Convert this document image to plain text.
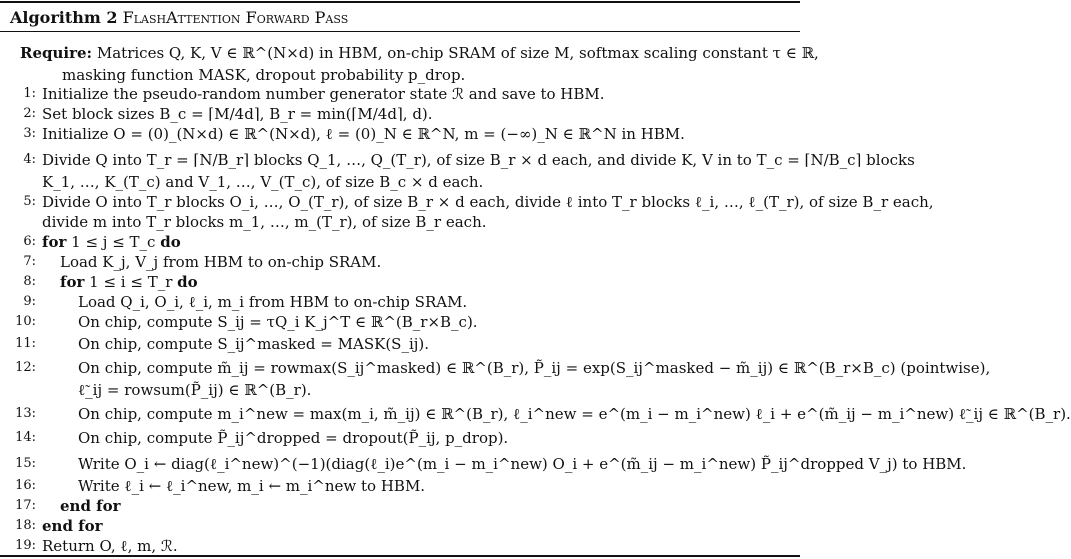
Algorithm 2 FlashAttention Forward Pass
Require: Matrices Q, K, V ∈ ℝ^(N×d) in HBM, on-chip SRAM of size M, softmax scaling constant τ ∈ ℝ,
masking function MASK, dropout probability p_drop.
1: Initialize the pseudo-random number generator state ℛ and save to HBM.
2: Set block sizes B_c = ⌈M/4d⌉, B_r = min(⌈M/4d⌉, d).
3: Initialize O = (0)_(N×d) ∈ ℝ^(N×d), ℓ = (0)_N ∈ ℝ^N, m = (−∞)_N ∈ ℝ^N in HBM.
4: Divide Q into T_r = ⌈N/B_r⌉ blocks Q_1, …, Q_(T_r), of size B_r × d each, and divide K, V in to T_c = ⌈N/B_c⌉ blocks
K_1, …, K_(T_c) and V_1, …, V_(T_c), of size B_c × d each.
5: Divide O into T_r blocks O_i, …, O_(T_r), of size B_r × d each, divide ℓ into T_r blocks ℓ_i, …, ℓ_(T_r), of size B_r each,
divide m into T_r blocks m_1, …, m_(T_r), of size B_r each.
6: for 1 ≤ j ≤ T_c do
7: Load K_j, V_j from HBM to on-chip SRAM.
8: for 1 ≤ i ≤ T_r do
9:	Load Q_i, O_i, ℓ_i, m_i from HBM to on-chip SRAM.
10:	On chip, compute S_ij = τQ_i K_j^T ∈ ℝ^(B_r×B_c).
11:	On chip, compute S_ij^masked = MASK(S_ij).
12:	On chip, compute m̃_ij = rowmax(S_ij^masked) ∈ ℝ^(B_r), P̃_ij = exp(S_ij^masked − m̃_ij) ∈ ℝ^(B_r×B_c) (pointwise),
ℓ̃_ij = rowsum(P̃_ij) ∈ ℝ^(B_r).
13:	On chip, compute m_i^new = max(m_i, m̃_ij) ∈ ℝ^(B_r), ℓ_i^new = e^(m_i − m_i^new) ℓ_i + e^(m̃_ij − m_i^new) ℓ̃_ij ∈ ℝ^(B_r).
14:	On chip, compute P̃_ij^dropped = dropout(P̃_ij, p_drop).
15:	Write O_i ← diag(ℓ_i^new)^(−1)(diag(ℓ_i)e^(m_i − m_i^new) O_i + e^(m̃_ij − m_i^new) P̃_ij^dropped V_j) to HBM.
16:	Write ℓ_i ← ℓ_i^new, m_i ← m_i^new to HBM.
17: end for
18: end for
19: Return O, ℓ, m, ℛ.
